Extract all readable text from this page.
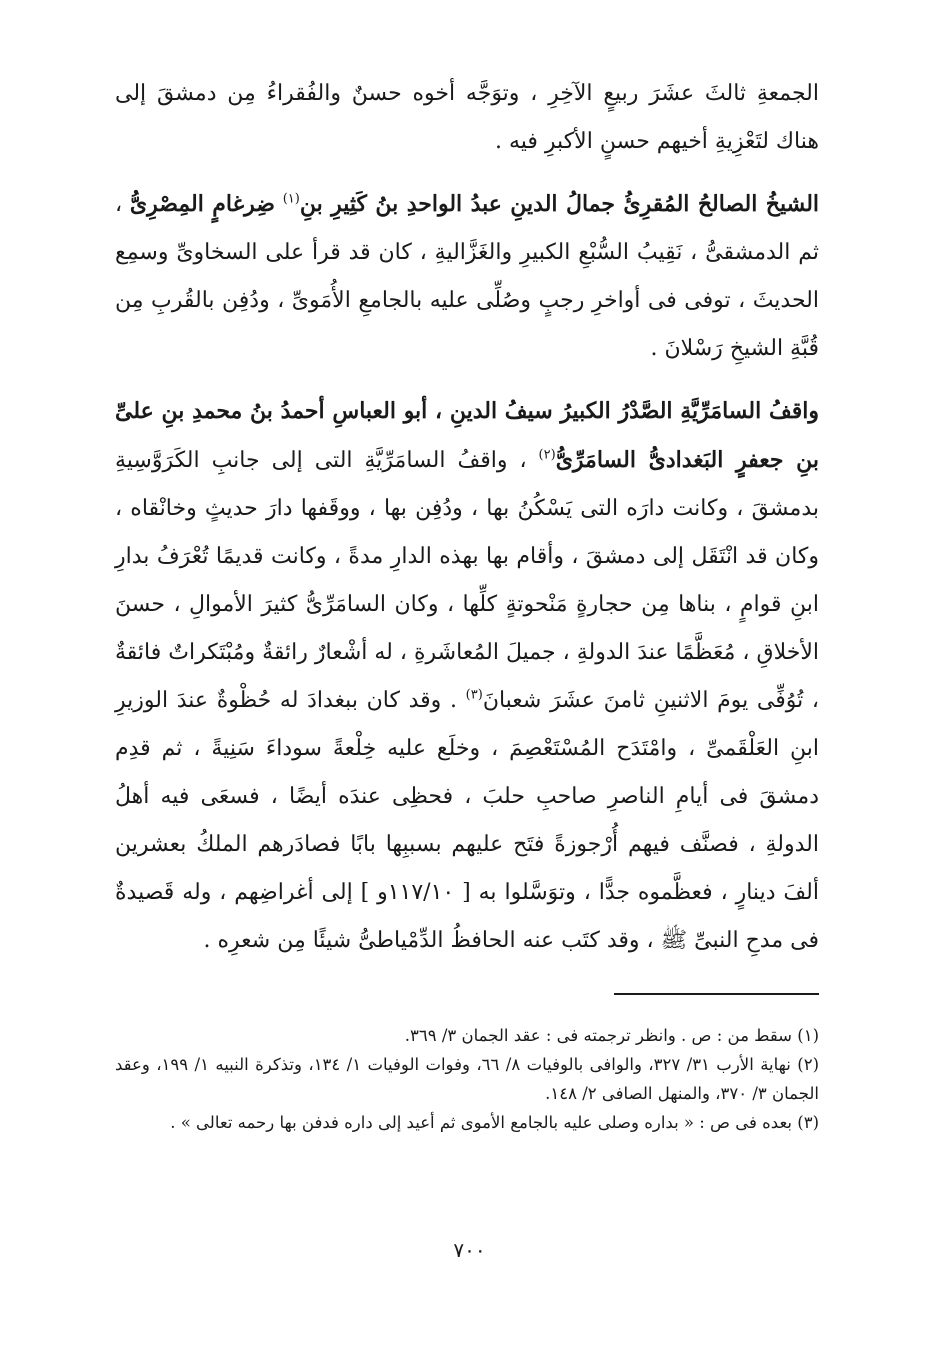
الجمعةِ ثالثَ عشَرَ ربيعٍ الآخِرِ ، وتوَجَّه أخوه حسنٌ والفُقراءُ مِن دمشقَ إلى هناك لتَعْزِيةِ أخيهم حسنٍ الأكبرِ فيه .

الشيخُ الصالحُ المُقرِئُ جمالُ الدينِ عبدُ الواحدِ بنُ كَثِيرِ بنِ$^{(١)}$ ضِرغامٍ المِصْرِىُّ ، ثم الدمشقىُّ ، نَقِيبُ السُّبْعِ الكبيرِ والغَزَّاليةِ ، كان قد قرأ على السخاوىِّ وسمِع الحديثَ ، توفى فى أواخرِ رجبٍ وصُلِّى عليه بالجامعِ الأُمَوىِّ ، ودُفِن بالقُربِ مِن قُبَّةِ الشيخِ رَسْلانَ .

واقفُ السامَرِّيَّةِ الصَّدْرُ الكبيرُ سيفُ الدينِ ، أبو العباسِ أحمدُ بنُ محمدِ بنِ علىِّ بنِ جعفرٍ البَغدادىُّ السامَرِّىُّ$^{(٢)}$ ، واقفُ السامَرِّيَّةِ التى إلى جانبِ الكَرَوَّسِيةِ بدمشقَ ، وكانت دارَه التى يَسْكُنُ بها ، ودُفِن بها ، ووقَفها دارَ حديثٍ وخانْقاه ، وكان قد انْتَقَل إلى دمشقَ ، وأقام بها بهذه الدارِ مدةً ، وكانت قديمًا تُعْرَفُ بدارِ ابنِ قوامٍ ، بناها مِن حجارةٍ مَنْحوتةٍ كلِّها ، وكان السامَرِّىُّ كثيرَ الأموالِ ، حسنَ الأخلاقِ ، مُعَظَّمًا عندَ الدولةِ ، جميلَ المُعاشَرةِ ، له أشْعارٌ رائقةٌ ومُبْتَكراتٌ فائقةٌ ، تُوُفِّى يومَ الاثنينِ ثامنَ عشَرَ شعبانَ$^{(٣)}$ . وقد كان ببغدادَ له حُظْوةٌ عندَ الوزيرِ ابنِ العَلْقَمىِّ ، وامْتَدَح المُسْتَعْصِمَ ، وخلَع عليه خِلْعةً سوداءَ سَنِيةً ، ثم قدِم دمشقَ فى أيامِ الناصرِ صاحبِ حلبَ ، فحظِى عندَه أيضًا ، فسعَى فيه أهلُ الدولةِ ، فصنَّف فيهم أُرْجوزةً فتَح عليهم بسببِها بابًا فصادَرهم الملكُ بعشرين ألفَ دينارٍ ، فعظَّموه جدًّا ، وتوَسَّلوا به [ ١١٧/١٠و ] إلى أغراضِهم ، وله قَصيدةٌ فى مدحِ النبىِّ ﷺ ، وقد كتَب عنه الحافظُ الدِّمْياطىُّ شيئًا مِن شعرِه .

(١) سقط من : ص . وانظر ترجمته فى : عقد الجمان ٣/ ٣٦٩.

(٢) نهاية الأرب ٣١/ ٣٢٧، والوافى بالوفيات ٨/ ٦٦، وفوات الوفيات ١/ ١٣٤، وتذكرة النبيه ١/ ١٩٩، وعقد الجمان ٣/ ٣٧٠، والمنهل الصافى ٢/ ١٤٨.

(٣) بعده فى ص : « بداره وصلى عليه بالجامع الأموى ثم أعيد إلى داره فدفن بها رحمه تعالى » .

٧٠٠
